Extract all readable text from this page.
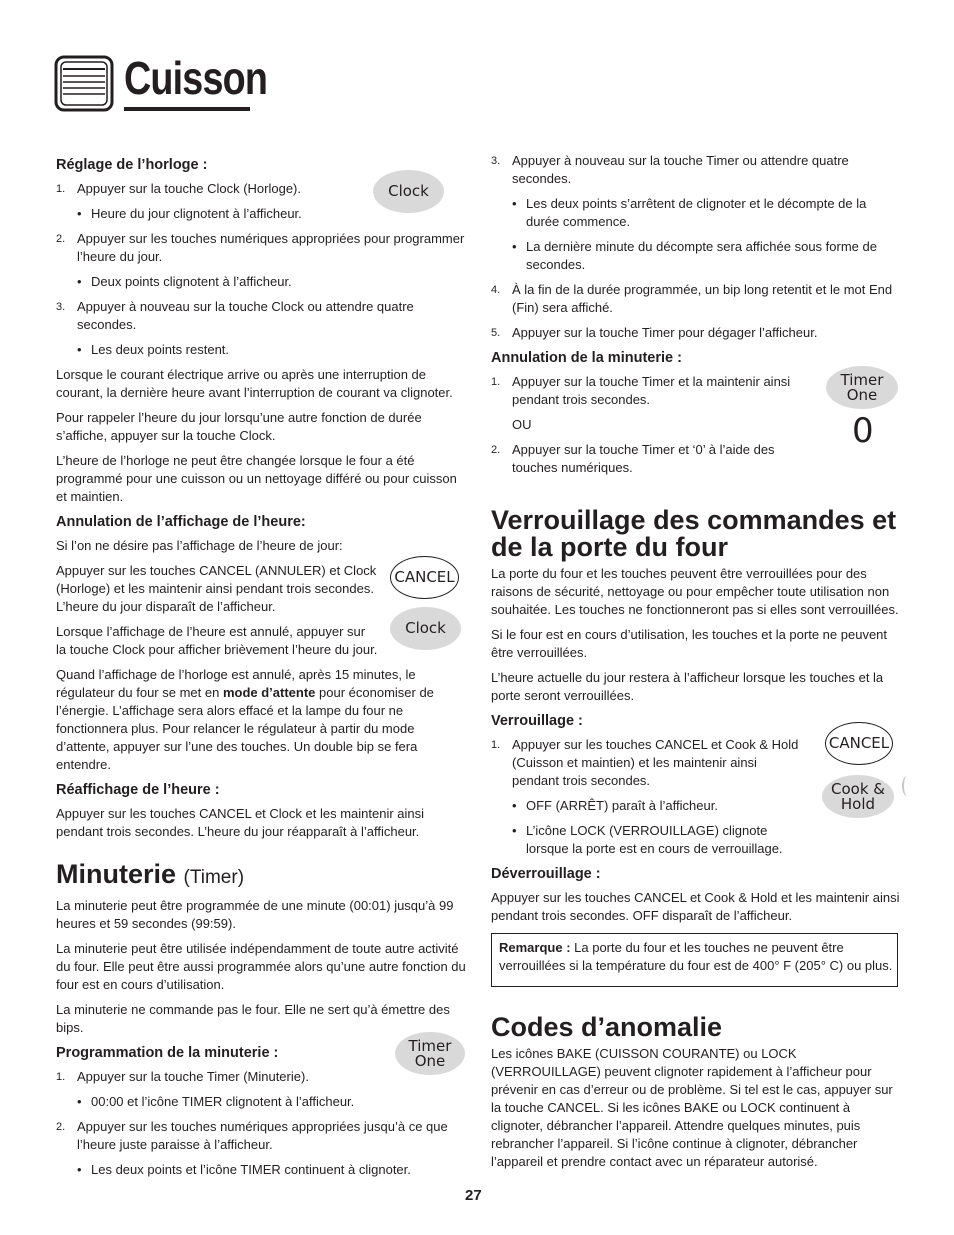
Cuisson
Réglage de l’horloge :
1. Appuyer sur la touche Clock (Horloge).
• Heure du jour clignotent à l’afficheur.
2. Appuyer sur les touches numériques appropriées pour programmer l’heure du jour.
• Deux points clignotent à l’afficheur.
3. Appuyer à nouveau sur la touche Clock ou attendre quatre secondes.
• Les deux points restent.

Lorsque le courant électrique arrive ou après une interruption de courant, la dernière heure avant l’interruption de courant va clignoter.

Pour rappeler l’heure du jour lorsqu’une autre fonction de durée s’affiche, appuyer sur la touche Clock.

L’heure de l’horloge ne peut être changée lorsque le four a été programmé pour une cuisson ou un nettoyage différé ou pour cuisson et maintien.

Annulation de l’affichage de l’heure:

Si l’on ne désire pas l’affichage de l’heure de jour:

Appuyer sur les touches CANCEL (ANNULER) et Clock (Horloge) et les maintenir ainsi pendant trois secondes. L’heure du jour disparaît de l’afficheur.

Lorsque l’affichage de l’heure est annulé, appuyer sur la touche Clock pour afficher brièvement l’heure du jour.

Quand l’affichage de l’horloge est annulé, après 15 minutes, le régulateur du four se met en mode d’attente pour économiser de l’énergie. L’affichage sera alors effacé et la lampe du four ne fonctionnera plus. Pour relancer le régulateur à partir du mode d’attente, appuyer sur l’une des touches. Un double bip se fera entendre.

Réaffichage de l’heure :

Appuyer sur les touches CANCEL et Clock et les maintenir ainsi pendant trois secondes. L’heure du jour réapparaît à l’afficheur.

Minuterie (Timer)

La minuterie peut être programmée de une minute (00:01) jusqu’à 99 heures et 59 secondes (99:59).

La minuterie peut être utilisée indépendamment de toute autre activité du four. Elle peut être aussi programmée alors qu’une autre fonction du four est en cours d’utilisation.

La minuterie ne commande pas le four. Elle ne sert qu’à émettre des bips.

Programmation de la minuterie :
1. Appuyer sur la touche Timer (Minuterie).
• 00:00 et l’icône TIMER clignotent à l’afficheur.
2. Appuyer sur les touches numériques appropriées jusqu’à ce que l’heure juste paraisse à l’afficheur.
• Les deux points et l’icône TIMER continuent à clignoter.
3. Appuyer à nouveau sur la touche Timer ou attendre quatre secondes.
• Les deux points s’arrêtent de clignoter et le décompte de la durée commence.
• La dernière minute du décompte sera affichée sous forme de secondes.
4. À la fin de la durée programmée, un bip long retentit et le mot End (Fin) sera affiché.
5. Appuyer sur la touche Timer pour dégager l’afficheur.
Annulation de la minuterie :
1. Appuyer sur la touche Timer et la maintenir ainsi pendant trois secondes.
OU
2. Appuyer sur la touche Timer et ‘0’ à l’aide des touches numériques.
Verrouillage des commandes et de la porte du four

La porte du four et les touches peuvent être verrouillées pour des raisons de sécurité, nettoyage ou pour empêcher toute utilisation non souhaitée. Les touches ne fonctionneront pas si elles sont verrouillées.

Si le four est en cours d’utilisation, les touches et la porte ne peuvent être verrouillées.

L’heure actuelle du jour restera à l’afficheur lorsque les touches et la porte seront verrouillées.

Verrouillage :
1. Appuyer sur les touches CANCEL et Cook & Hold (Cuisson et maintien) et les maintenir ainsi pendant trois secondes.
• OFF (ARRÊT) paraît à l’afficheur.
• L’icône LOCK (VERROUILLAGE) clignote lorsque la porte est en cours de verrouillage.
Déverrouillage :

Appuyer sur les touches CANCEL et Cook & Hold et les maintenir ainsi pendant trois secondes. OFF disparaît de l’afficheur.

Remarque : La porte du four et les touches ne peuvent être verrouillées si la température du four est de 400° F (205° C) ou plus.
Codes d’anomalie

Les icônes BAKE (CUISSON COURANTE) ou LOCK (VERROUILLAGE) peuvent clignoter rapidement à l’afficheur pour prévenir en cas d’erreur ou de problème. Si tel est le cas, appuyer sur la touche CANCEL. Si les icônes BAKE ou LOCK continuent à clignoter, débrancher l’appareil. Attendre quelques minutes, puis rebrancher l’appareil. Si l’icône continue à clignoter, débrancher l’appareil et prendre contact avec un réparateur autorisé.

Clock
CANCEL
Clock
Timer
One
Timer
One
0
CANCEL
Cook &
Hold
27
